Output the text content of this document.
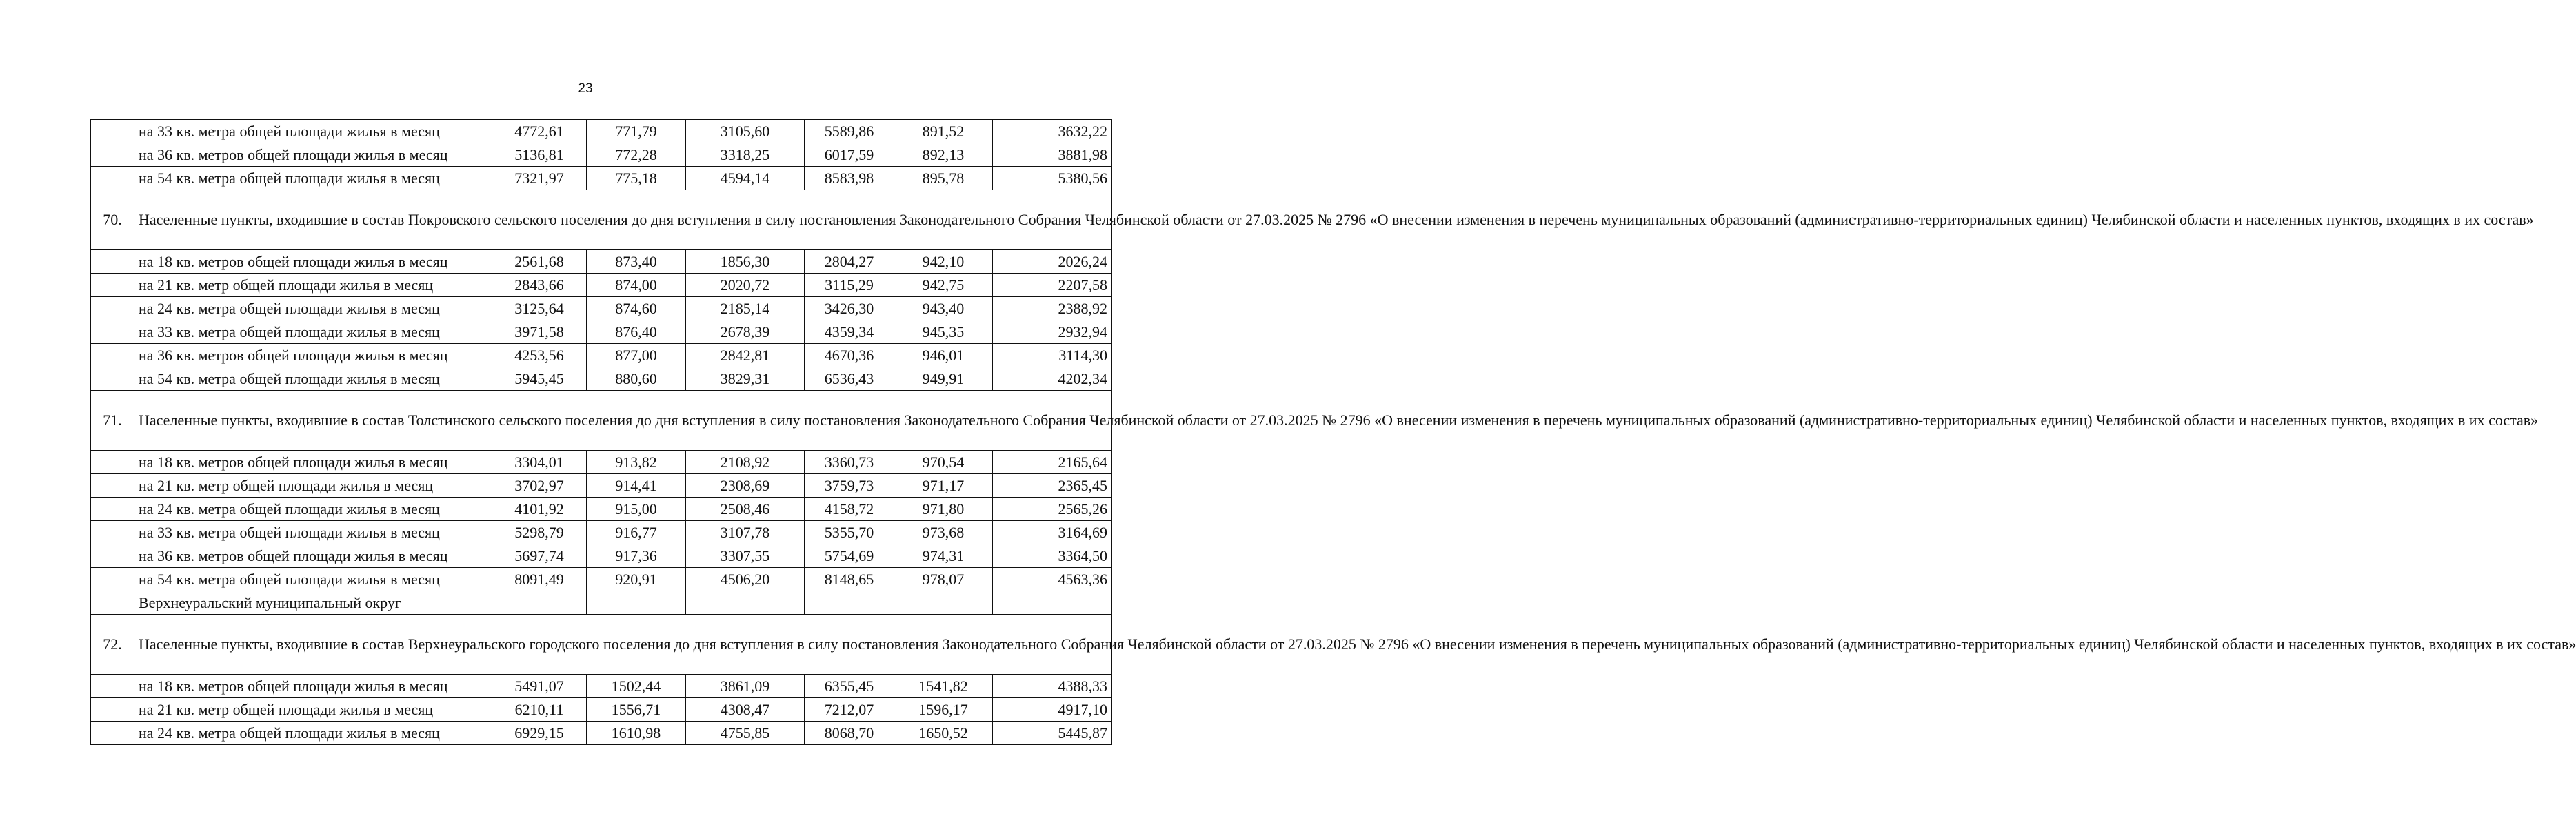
23
	на 33 кв. метра общей площади жилья в месяц	4772,61	771,79	3105,60	5589,86	891,52	3632,22
	на 36 кв. метров общей площади жилья в месяц	5136,81	772,28	3318,25	6017,59	892,13	3881,98
	на 54 кв. метра общей площади жилья в месяц	7321,97	775,18	4594,14	8583,98	895,78	5380,56
70.	Населенные пункты, входившие в состав Покровского сельского поселения до дня вступления в силу постановления Законодательного Собрания Челябинской области от 27.03.2025 № 2796 «О внесении изменения в перечень муниципальных образований (административно-территориальных единиц) Челябинской области и населенных пунктов, входящих в их состав»						
	на 18 кв. метров общей площади жилья в месяц	2561,68	873,40	1856,30	2804,27	942,10	2026,24
	на 21 кв. метр общей площади жилья в месяц	2843,66	874,00	2020,72	3115,29	942,75	2207,58
	на 24 кв. метра общей площади жилья в месяц	3125,64	874,60	2185,14	3426,30	943,40	2388,92
	на 33 кв. метра общей площади жилья в месяц	3971,58	876,40	2678,39	4359,34	945,35	2932,94
	на 36 кв. метров общей площади жилья в месяц	4253,56	877,00	2842,81	4670,36	946,01	3114,30
	на 54 кв. метра общей площади жилья в месяц	5945,45	880,60	3829,31	6536,43	949,91	4202,34
71.	Населенные пункты, входившие в состав Толстинского сельского поселения до дня вступления в силу постановления Законодательного Собрания Челябинской области от 27.03.2025 № 2796 «О внесении изменения в перечень муниципальных образований (административно-территориальных единиц) Челябинской области и населенных пунктов, входящих в их состав»						
	на 18 кв. метров общей площади жилья в месяц	3304,01	913,82	2108,92	3360,73	970,54	2165,64
	на 21 кв. метр общей площади жилья в месяц	3702,97	914,41	2308,69	3759,73	971,17	2365,45
	на 24 кв. метра общей площади жилья в месяц	4101,92	915,00	2508,46	4158,72	971,80	2565,26
	на 33 кв. метра общей площади жилья в месяц	5298,79	916,77	3107,78	5355,70	973,68	3164,69
	на 36 кв. метров общей площади жилья в месяц	5697,74	917,36	3307,55	5754,69	974,31	3364,50
	на 54 кв. метра общей площади жилья в месяц	8091,49	920,91	4506,20	8148,65	978,07	4563,36
	Верхнеуральский муниципальный округ						
72.	Населенные пункты, входившие в состав Верхнеуральского городского поселения до дня вступления в силу постановления Законодательного Собрания Челябинской области от 27.03.2025 № 2796 «О внесении изменения в перечень муниципальных образований (административно-территориальных единиц) Челябинской области и населенных пунктов, входящих в их состав»						
	на 18 кв. метров общей площади жилья в месяц	5491,07	1502,44	3861,09	6355,45	1541,82	4388,33
	на 21 кв. метр общей площади жилья в месяц	6210,11	1556,71	4308,47	7212,07	1596,17	4917,10
	на 24 кв. метра общей площади жилья в месяц	6929,15	1610,98	4755,85	8068,70	1650,52	5445,87
